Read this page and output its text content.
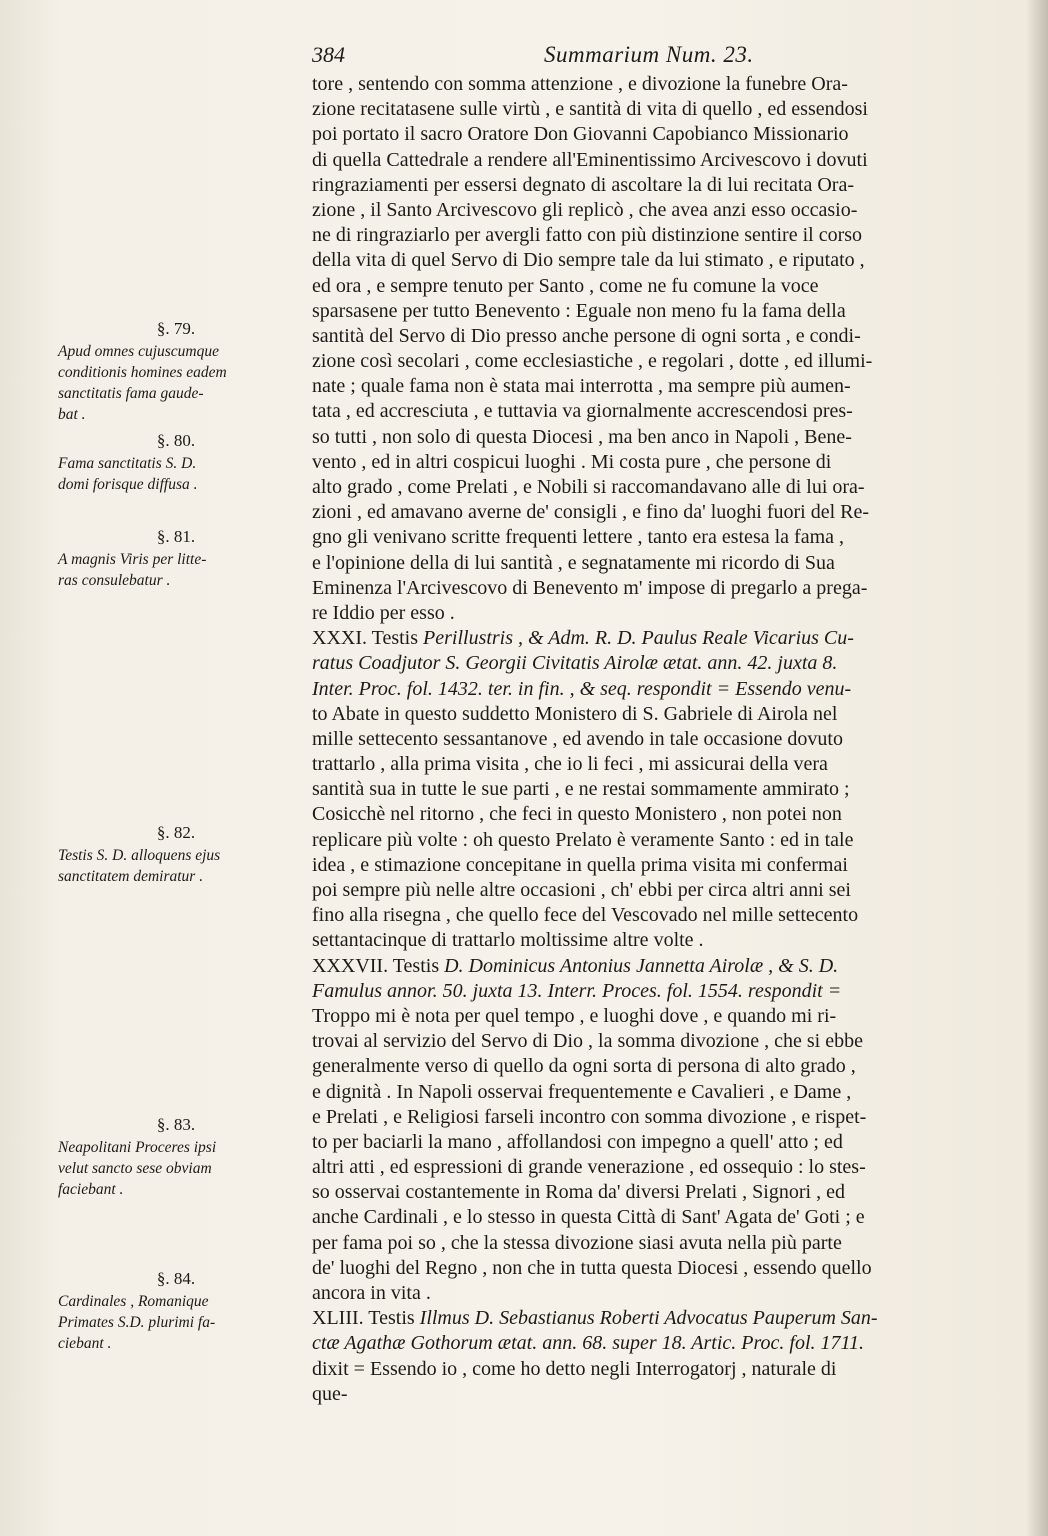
384	Summarium Num. 23.
§. 79.
Apud omnes cujuscumque
conditionis homines eadem
sanctitatis fama gaude-
bat .
§. 80.
Fama sanctitatis S. D.
domi forisque diffusa .
§. 81.
A magnis Viris per litte-
ras consulebatur .
§. 82.
Testis S. D. alloquens ejus
sanctitatem demiratur .
§. 83.
Neapolitani Proceres ipsi
velut sancto sese obviam
faciebant .
§. 84.
Cardinales , Romanique
Primates S.D. plurimi fa-
ciebant .
tore , sentendo con somma attenzione , e divozione la funebre Ora-
zione recitatasene sulle virtù , e santità di vita di quello , ed essendosi
poi portato il sacro Oratore Don Giovanni Capobianco Missionario
di quella Cattedrale a rendere all'Eminentissimo Arcivescovo i dovuti
ringraziamenti per essersi degnato di ascoltare la di lui recitata Ora-
zione , il Santo Arcivescovo gli replicò , che avea anzi esso occasio-
ne di ringraziarlo per avergli fatto con più distinzione sentire il corso
della vita di quel Servo di Dio sempre tale da lui stimato , e riputato ,
ed ora , e sempre tenuto per Santo , come ne fu comune la voce
sparsasene per tutto Benevento : Eguale non meno fu la fama della
santità del Servo di Dio presso anche persone di ogni sorta , e condi-
zione così secolari , come ecclesiastiche , e regolari , dotte , ed illumi-
nate ; quale fama non è stata mai interrotta , ma sempre più aumen-
tata , ed accresciuta , e tuttavia va giornalmente accrescendosi pres-
so tutti , non solo di questa Diocesi , ma ben anco in Napoli , Bene-
vento , ed in altri cospicui luoghi . Mi costa pure , che persone di
alto grado , come Prelati , e Nobili si raccomandavano alle di lui ora-
zioni , ed amavano averne de' consigli , e fino da' luoghi fuori del Re-
gno gli venivano scritte frequenti lettere , tanto era estesa la fama ,
e l'opinione della di lui santità , e segnatamente mi ricordo di Sua
Eminenza l'Arcivescovo di Benevento m' impose di pregarlo a prega-
re Iddio per esso .
XXXI. Testis Perillustris , & Adm. R. D. Paulus Reale Vicarius Cu-
ratus Coadjutor S. Georgii Civitatis Airolæ ætat. ann. 42. juxta 8.
Inter. Proc. fol. 1432. ter. in fin. , & seq. respondit = Essendo venu-
to Abate in questo suddetto Monistero di S. Gabriele di Airola nel
mille settecento sessantanove , ed avendo in tale occasione dovuto
trattarlo , alla prima visita , che io li feci , mi assicurai della vera
santità sua in tutte le sue parti , e ne restai sommamente ammirato ;
Cosicchè nel ritorno , che feci in questo Monistero , non potei non
replicare più volte : oh questo Prelato è veramente Santo : ed in tale
idea , e stimazione concepitane in quella prima visita mi confermai
poi sempre più nelle altre occasioni , ch' ebbi per circa altri anni sei
fino alla risegna , che quello fece del Vescovado nel mille settecento
settantacinque di trattarlo moltissime altre volte .
XXXVII. Testis D. Dominicus Antonius Jannetta Airolæ , & S. D.
Famulus annor. 50. juxta 13. Interr. Proces. fol. 1554. respondit =
Troppo mi è nota per quel tempo , e luoghi dove , e quando mi ri-
trovai al servizio del Servo di Dio , la somma divozione , che si ebbe
generalmente verso di quello da ogni sorta di persona di alto grado ,
e dignità . In Napoli osservai frequentemente e Cavalieri , e Dame ,
e Prelati , e Religiosi farseli incontro con somma divozione , e rispet-
to per baciarli la mano , affollandosi con impegno a quell' atto ; ed
altri atti , ed espressioni di grande venerazione , ed ossequio : lo stes-
so osservai costantemente in Roma da' diversi Prelati , Signori , ed
anche Cardinali , e lo stesso in questa Città di Sant' Agata de' Goti ; e
per fama poi so , che la stessa divozione siasi avuta nella più parte
de' luoghi del Regno , non che in tutta questa Diocesi , essendo quello
ancora in vita .
XLIII. Testis Illmus D. Sebastianus Roberti Advocatus Pauperum San-
ctæ Agathæ Gothorum ætat. ann. 68. super 18. Artic. Proc. fol. 1711.
dixit = Essendo io , come ho detto negli Interrogatorj , naturale di
que-
